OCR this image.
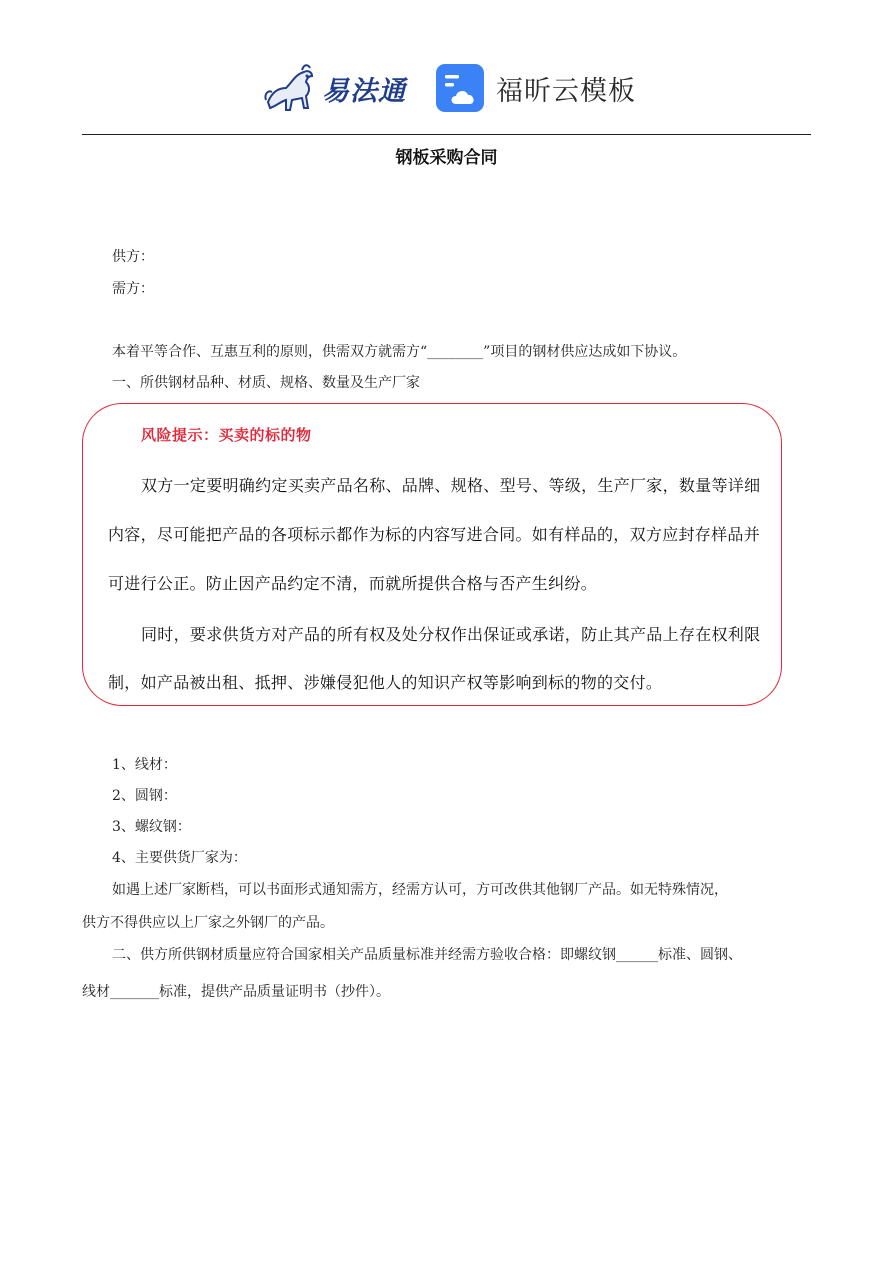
易法通	福昕云模板
钢板采购合同
供方：
需方：
本着平等合作、互惠互利的原则，供需双方就需方“________”项目的钢材供应达成如下协议。
一、所供钢材品种、材质、规格、数量及生产厂家
风险提示：买卖的标的物
双方一定要明确约定买卖产品名称、品牌、规格、型号、等级，生产厂家，数量等详细
内容，尽可能把产品的各项标示都作为标的内容写进合同。如有样品的，双方应封存样品并
可进行公正。防止因产品约定不清，而就所提供合格与否产生纠纷。
同时，要求供货方对产品的所有权及处分权作出保证或承诺，防止其产品上存在权利限
制，如产品被出租、抵押、涉嫌侵犯他人的知识产权等影响到标的物的交付。
1、线材：
2、圆钢：
3、螺纹钢：
4、主要供货厂家为：
如遇上述厂家断档，可以书面形式通知需方，经需方认可，方可改供其他钢厂产品。如无特殊情况，
供方不得供应以上厂家之外钢厂的产品。
二、供方所供钢材质量应符合国家相关产品质量标准并经需方验收合格：即螺纹钢______标准、圆钢、
线材_______标准，提供产品质量证明书（抄件）。
